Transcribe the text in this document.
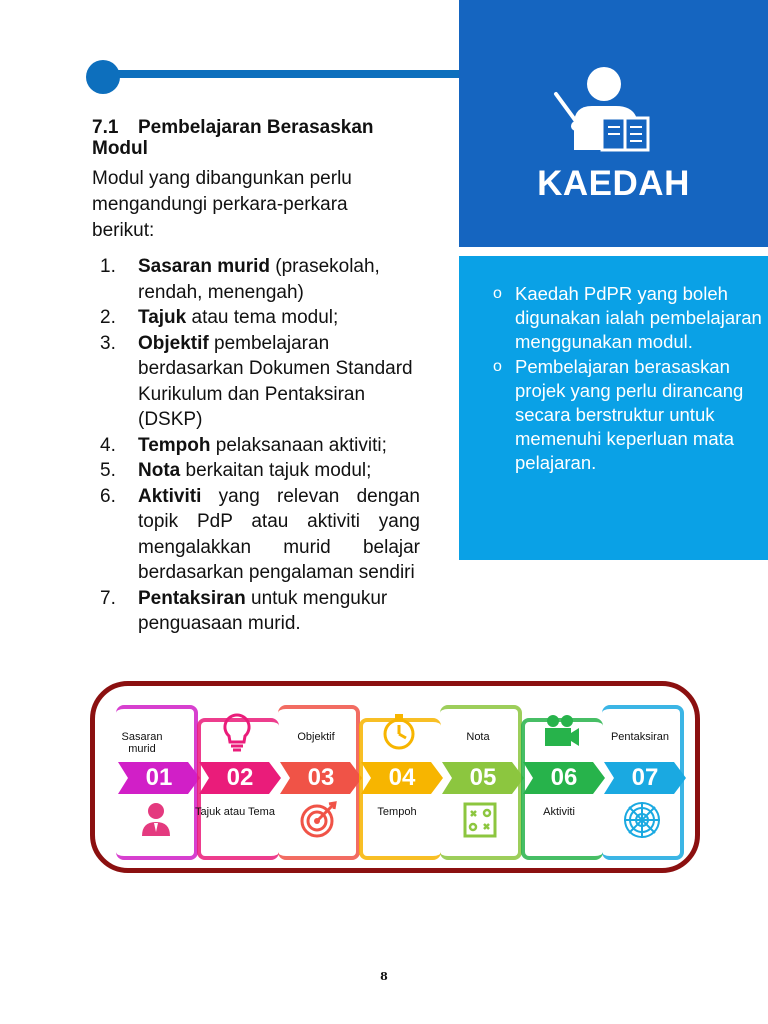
KAEDAH
o Kaedah PdPR yang boleh digunakan ialah pembelajaran menggunakan modul.
o Pembelajaran berasaskan projek yang perlu dirancang secara berstruktur untuk memenuhi keperluan mata pelajaran.
7.1 Pembelajaran Berasaskan Modul
Modul yang dibangunkan perlu mengandungi perkara-perkara berikut:
1. Sasaran murid (prasekolah, rendah, menengah)
2. Tajuk atau tema modul;
3. Objektif pembelajaran berdasarkan Dokumen Standard Kurikulum dan Pentaksiran (DSKP)
4. Tempoh pelaksanaan aktiviti;
5. Nota berkaitan tajuk modul;
6. Aktiviti yang relevan dengan topik PdP atau aktiviti yang mengalakkan murid belajar berdasarkan pengalaman sendiri
7. Pentaksiran untuk mengukur penguasaan murid.
01
Sasaran murid
02
Tajuk atau Tema
03
Objektif
04
Tempoh
05
Nota
06
Aktiviti
07
Pentaksiran
8
